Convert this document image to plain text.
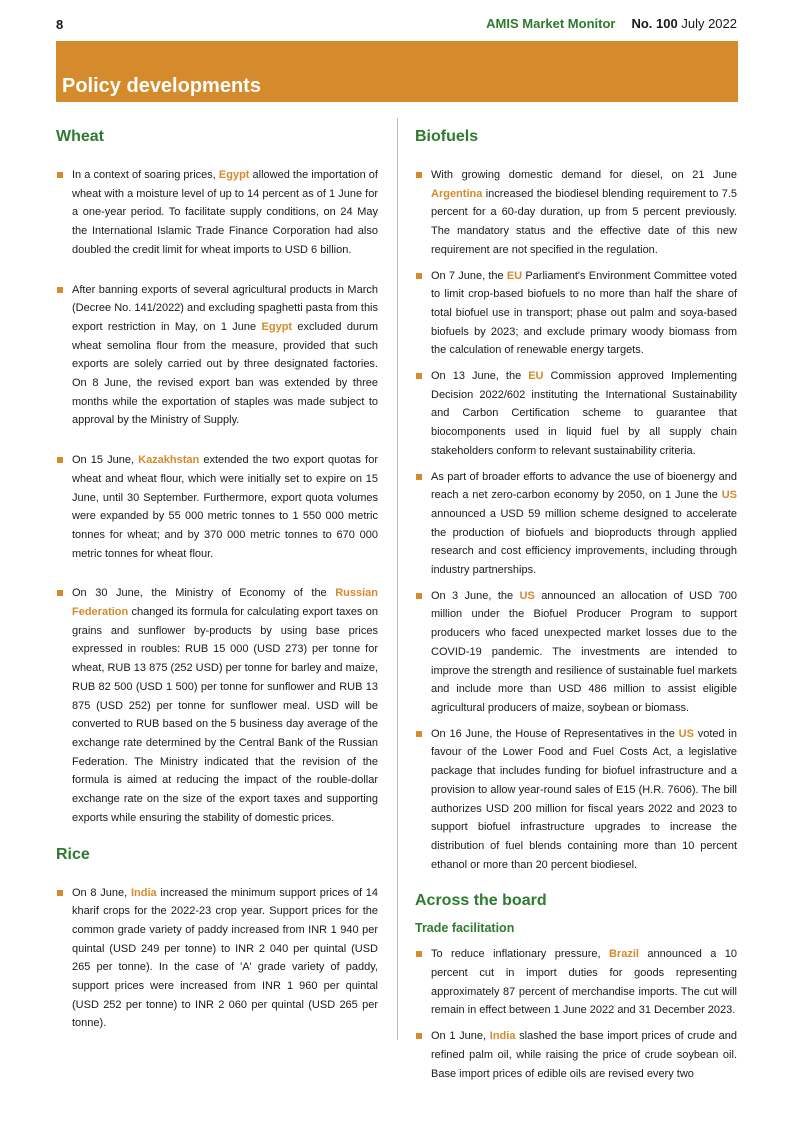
8	AMIS Market Monitor No. 100 July 2022
Policy developments
Wheat

In a context of soaring prices, Egypt allowed the importation of wheat with a moisture level of up to 14 percent as of 1 June for a one-year period. To facilitate supply conditions, on 24 May the International Islamic Trade Finance Corporation had also doubled the credit limit for wheat imports to USD 6 billion.

After banning exports of several agricultural products in March (Decree No. 141/2022) and excluding spaghetti pasta from this export restriction in May, on 1 June Egypt excluded durum wheat semolina flour from the measure, provided that such exports are solely carried out by three designated factories. On 8 June, the revised export ban was extended by three months while the exportation of staples was made subject to approval by the Ministry of Supply.

On 15 June, Kazakhstan extended the two export quotas for wheat and wheat flour, which were initially set to expire on 15 June, until 30 September. Furthermore, export quota volumes were expanded by 55 000 metric tonnes to 1 550 000 metric tonnes for wheat; and by 370 000 metric tonnes to 670 000 metric tonnes for wheat flour.

On 30 June, the Ministry of Economy of the Russian Federation changed its formula for calculating export taxes on grains and sunflower by-products by using base prices expressed in roubles: RUB 15 000 (USD 273) per tonne for wheat, RUB 13 875 (252 USD) per tonne for barley and maize, RUB 82 500 (USD 1 500) per tonne for sunflower and RUB 13 875 (USD 252) per tonne for sunflower meal. USD will be converted to RUB based on the 5 business day average of the exchange rate determined by the Central Bank of the Russian Federation. The Ministry indicated that the revision of the formula is aimed at reducing the impact of the rouble-dollar exchange rate on the size of the export taxes and supporting exports while ensuring the stability of domestic prices.

Rice

On 8 June, India increased the minimum support prices of 14 kharif crops for the 2022-23 crop year. Support prices for the common grade variety of paddy increased from INR 1 940 per quintal (USD 249 per tonne) to INR 2 040 per quintal (USD 265 per tonne). In the case of 'A' grade variety of paddy, support prices were increased from INR 1 960 per quintal (USD 252 per tonne) to INR 2 060 per quintal (USD 265 per tonne).

Biofuels

With growing domestic demand for diesel, on 21 June Argentina increased the biodiesel blending requirement to 7.5 percent for a 60-day duration, up from 5 percent previously. The mandatory status and the effective date of this new requirement are not specified in the regulation.

On 7 June, the EU Parliament's Environment Committee voted to limit crop-based biofuels to no more than half the share of total biofuel use in transport; phase out palm and soya-based biofuels by 2023; and exclude primary woody biomass from the calculation of renewable energy targets.

On 13 June, the EU Commission approved Implementing Decision 2022/602 instituting the International Sustainability and Carbon Certification scheme to guarantee that biocomponents used in liquid fuel by all supply chain stakeholders conform to relevant sustainability criteria.

As part of broader efforts to advance the use of bioenergy and reach a net zero-carbon economy by 2050, on 1 June the US announced a USD 59 million scheme designed to accelerate the production of biofuels and bioproducts through applied research and cost efficiency improvements, including through industry partnerships.

On 3 June, the US announced an allocation of USD 700 million under the Biofuel Producer Program to support producers who faced unexpected market losses due to the COVID-19 pandemic. The investments are intended to improve the strength and resilience of sustainable fuel markets and include more than USD 486 million to assist eligible agricultural producers of maize, soybean or biomass.

On 16 June, the House of Representatives in the US voted in favour of the Lower Food and Fuel Costs Act, a legislative package that includes funding for biofuel infrastructure and a provision to allow year-round sales of E15 (H.R. 7606). The bill authorizes USD 200 million for fiscal years 2022 and 2023 to support biofuel infrastructure upgrades to increase the distribution of fuel blends containing more than 10 percent ethanol or more than 20 percent biodiesel.

Across the board
Trade facilitation

To reduce inflationary pressure, Brazil announced a 10 percent cut in import duties for goods representing approximately 87 percent of merchandise imports. The cut will remain in effect between 1 June 2022 and 31 December 2023.

On 1 June, India slashed the base import prices of crude and refined palm oil, while raising the price of crude soybean oil. Base import prices of edible oils are revised every two
